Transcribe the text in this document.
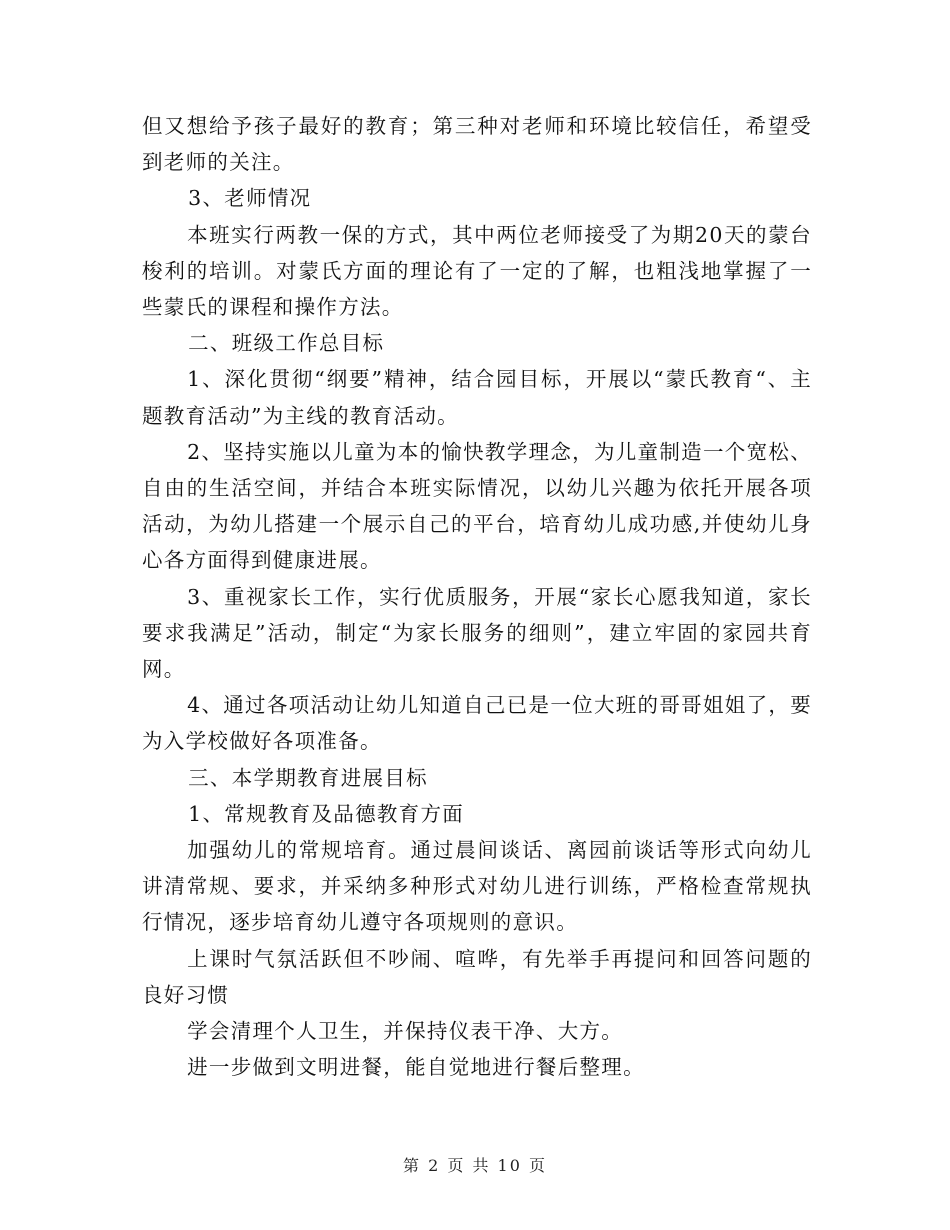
但又想给予孩子最好的教育；第三种对老师和环境比较信任，希望受到老师的关注。

3、老师情况

本班实行两教一保的方式，其中两位老师接受了为期20天的蒙台梭利的培训。对蒙氏方面的理论有了一定的了解，也粗浅地掌握了一些蒙氏的课程和操作方法。

二、班级工作总目标

1、深化贯彻“纲要”精神，结合园目标，开展以“蒙氏教育“、主题教育活动”为主线的教育活动。

2、坚持实施以儿童为本的愉快教学理念，为儿童制造一个宽松、自由的生活空间，并结合本班实际情况，以幼儿兴趣为依托开展各项活动，为幼儿搭建一个展示自己的平台，培育幼儿成功感,并使幼儿身心各方面得到健康进展。

3、重视家长工作，实行优质服务，开展“家长心愿我知道，家长要求我满足”活动，制定“为家长服务的细则”，建立牢固的家园共育网。

4、通过各项活动让幼儿知道自己已是一位大班的哥哥姐姐了，要为入学校做好各项准备。

三、本学期教育进展目标

1、常规教育及品德教育方面

加强幼儿的常规培育。通过晨间谈话、离园前谈话等形式向幼儿讲清常规、要求，并采纳多种形式对幼儿进行训练，严格检查常规执行情况，逐步培育幼儿遵守各项规则的意识。

上课时气氛活跃但不吵闹、喧哗，有先举手再提问和回答问题的良好习惯

学会清理个人卫生，并保持仪表干净、大方。

进一步做到文明进餐，能自觉地进行餐后整理。

第 2 页 共 10 页
